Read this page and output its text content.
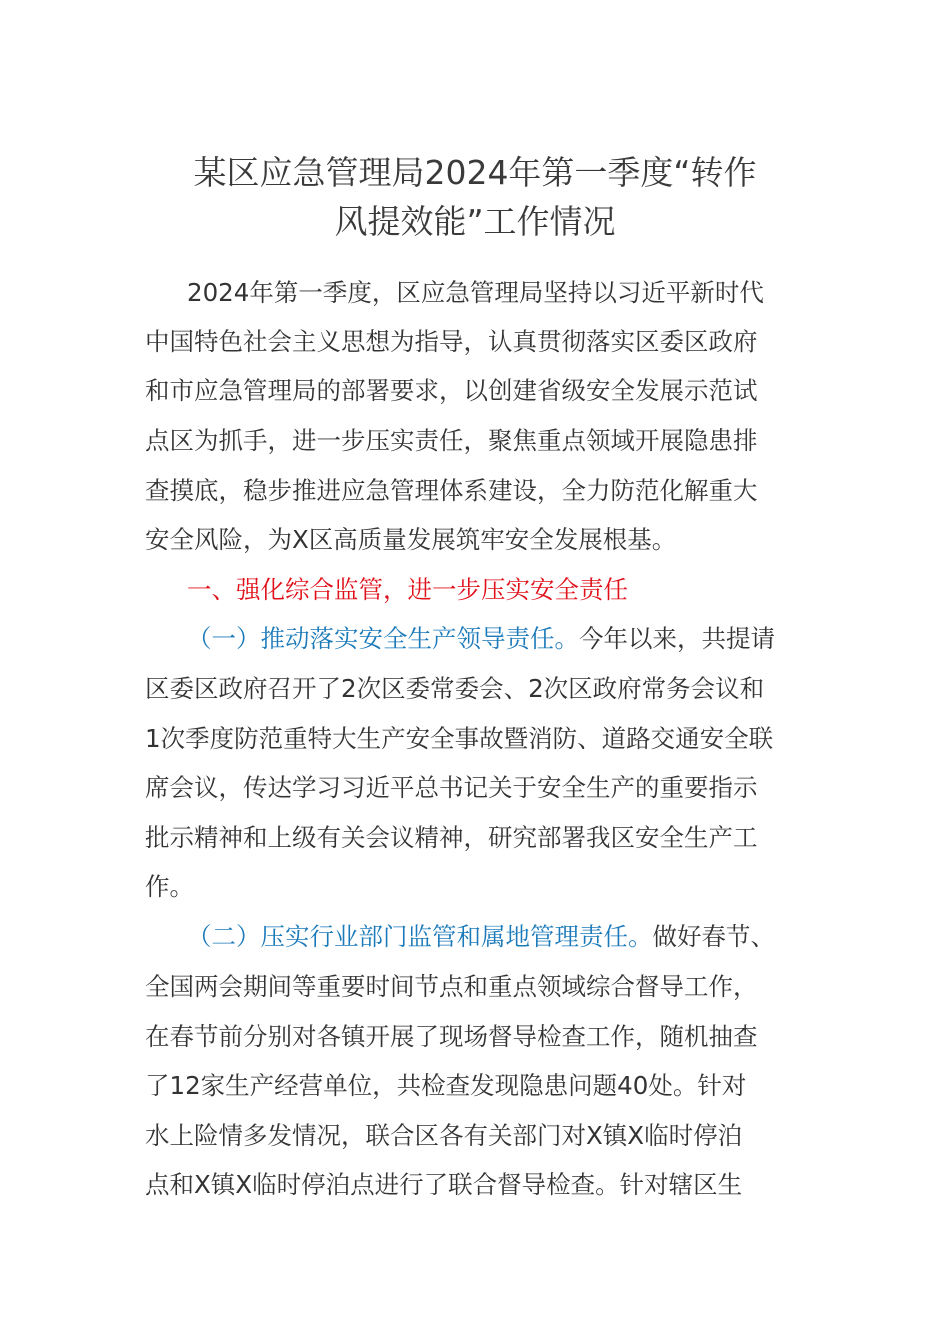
某区应急管理局2024年第一季度“转作
风提效能”工作情况
2024年第一季度，区应急管理局坚持以习近平新时代
中国特色社会主义思想为指导，认真贯彻落实区委区政府
和市应急管理局的部署要求，以创建省级安全发展示范试
点区为抓手，进一步压实责任，聚焦重点领域开展隐患排
查摸底，稳步推进应急管理体系建设，全力防范化解重大
安全风险，为X区高质量发展筑牢安全发展根基。
一、强化综合监管，进一步压实安全责任
（一）推动落实安全生产领导责任。今年以来，共提请
区委区政府召开了2次区委常委会、2次区政府常务会议和
1次季度防范重特大生产安全事故暨消防、道路交通安全联
席会议，传达学习习近平总书记关于安全生产的重要指示
批示精神和上级有关会议精神，研究部署我区安全生产工
作。
（二）压实行业部门监管和属地管理责任。做好春节、
全国两会期间等重要时间节点和重点领域综合督导工作，
在春节前分别对各镇开展了现场督导检查工作，随机抽查
了12家生产经营单位，共检查发现隐患问题40处。针对
水上险情多发情况，联合区各有关部门对X镇X临时停泊
点和X镇X临时停泊点进行了联合督导检查。针对辖区生
